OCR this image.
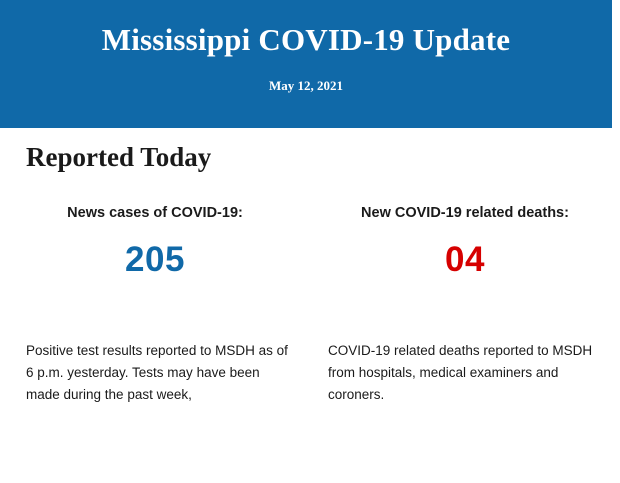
Mississippi COVID-19 Update
May 12, 2021
Reported Today
News cases of COVID-19:
205
New COVID-19 related deaths:
04
Positive test results reported to MSDH as of 6 p.m. yesterday. Tests may have been made during the past week,
COVID-19 related deaths reported to MSDH from hospitals, medical examiners and coroners.
